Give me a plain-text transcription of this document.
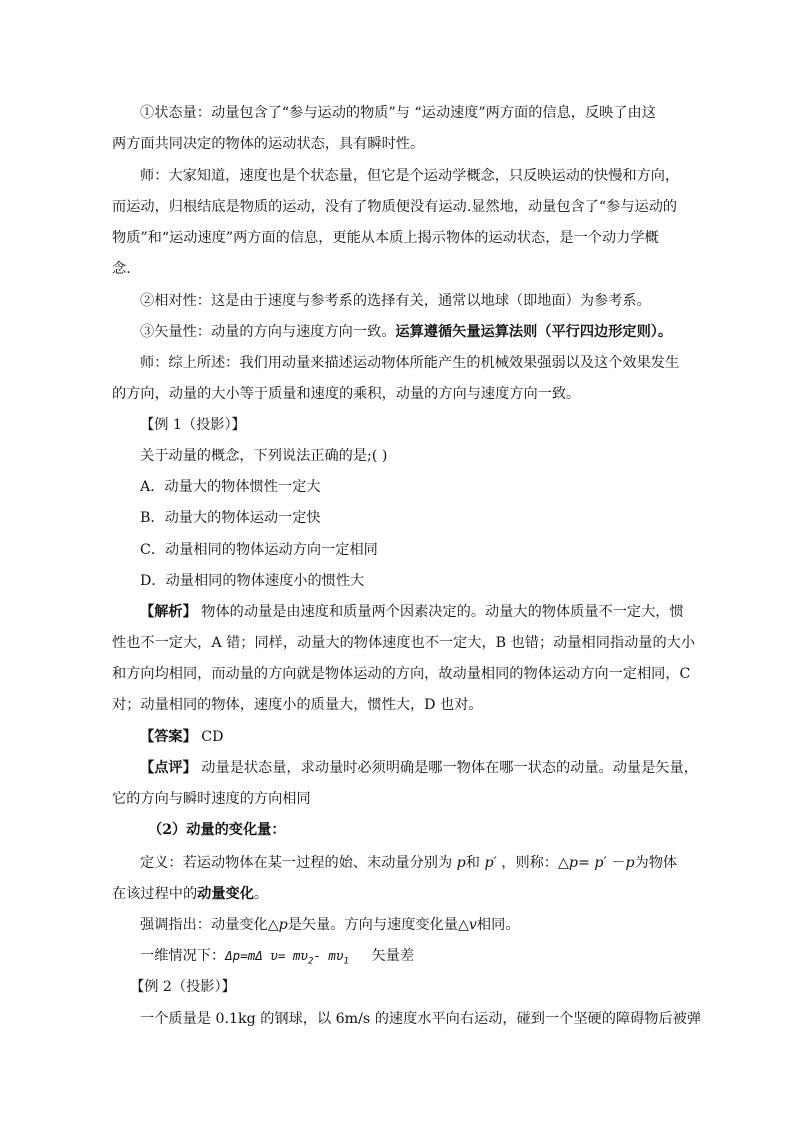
①状态量：动量包含了“参与运动的物质”与 “运动速度”两方面的信息，反映了由这
两方面共同决定的物体的运动状态，具有瞬时性。
师：大家知道，速度也是个状态量，但它是个运动学概念，只反映运动的快慢和方向，
而运动，归根结底是物质的运动，没有了物质便没有运动.显然地，动量包含了“参与运动的
物质”和“运动速度”两方面的信息，更能从本质上揭示物体的运动状态，是一个动力学概
念.
②相对性：这是由于速度与参考系的选择有关，通常以地球（即地面）为参考系。
③矢量性：动量的方向与速度方向一致。运算遵循矢量运算法则（平行四边形定则）。
师：综上所述：我们用动量来描述运动物体所能产生的机械效果强弱以及这个效果发生
的方向，动量的大小等于质量和速度的乘积，动量的方向与速度方向一致。
【例 1（投影）】
关于动量的概念，下列说法正确的是;( )
A．动量大的物体惯性一定大
B．动量大的物体运动一定快
C．动量相同的物体运动方向一定相同
D．动量相同的物体速度小的惯性大
【解析】 物体的动量是由速度和质量两个因素决定的。动量大的物体质量不一定大，惯
性也不一定大，A 错；同样，动量大的物体速度也不一定大，B 也错；动量相同指动量的大小
和方向均相同，而动量的方向就是物体运动的方向，故动量相同的物体运动方向一定相同，C
对；动量相同的物体，速度小的质量大，惯性大，D 也对。
【答案】 CD
【点评】 动量是状态量，求动量时必须明确是哪一物体在哪一状态的动量。动量是矢量，
它的方向与瞬时速度的方向相同
（2）动量的变化量：
定义：若运动物体在某一过程的始、末动量分别为 p和 p′ ，则称：△p= p′ －p为物体
在该过程中的动量变化。
强调指出：动量变化△p是矢量。方向与速度变化量△v相同。
一维情况下：Δp=mΔ $\upsilon= m\upsilon_2-$ $m\upsilon_1$     矢量差
【例 2（投影）】
一个质量是 0.1kg 的钢球，以 6m/s 的速度水平向右运动，碰到一个坚硬的障碍物后被弹
